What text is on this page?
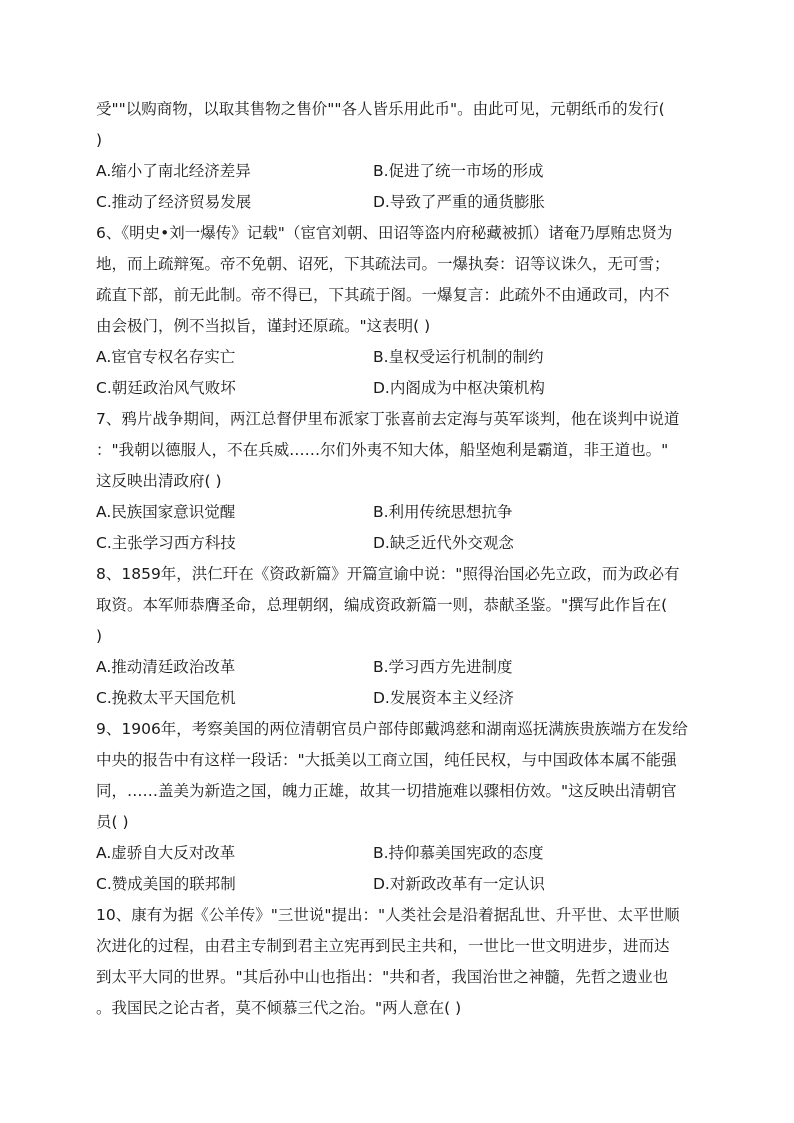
受""以购商物，以取其售物之售价""各人皆乐用此币"。由此可见，元朝纸币的发行(
)
A.缩小了南北经济差异	B.促进了统一市场的形成
C.推动了经济贸易发展	D.导致了严重的通货膨胀
6、《明史•刘一爆传》记载"（宦官刘朝、田诏等盗内府秘藏被抓）诸奄乃厚贿忠贤为
地，而上疏辩冤。帝不免朝、诏死，下其疏法司。一爆执奏：诏等议诛久，无可雪；
疏直下部，前无此制。帝不得已，下其疏于阁。一爆复言：此疏外不由通政司，内不
由会极门，例不当拟旨，谨封还原疏。"这表明( )
A.宦官专权名存实亡	B.皇权受运行机制的制约
C.朝廷政治风气败坏	D.内阁成为中枢决策机构
7、鸦片战争期间，两江总督伊里布派家丁张喜前去定海与英军谈判，他在谈判中说道
："我朝以德服人，不在兵威……尔们外夷不知大体，船坚炮利是霸道，非王道也。"
这反映出清政府( )
A.民族国家意识觉醒	B.利用传统思想抗争
C.主张学习西方科技	D.缺乏近代外交观念
8、1859年，洪仁玕在《资政新篇》开篇宣谕中说："照得治国必先立政，而为政必有
取资。本军师恭膺圣命，总理朝纲，编成资政新篇一则，恭献圣鉴。"撰写此作旨在(
)
A.推动清廷政治改革	B.学习西方先进制度
C.挽救太平天国危机	D.发展资本主义经济
9、1906年，考察美国的两位清朝官员户部侍郎戴鸿慈和湖南巡抚满族贵族端方在发给
中央的报告中有这样一段话："大抵美以工商立国，纯任民权，与中国政体本属不能强
同，……盖美为新造之国，魄力正雄，故其一切措施难以骤相仿效。"这反映出清朝官
员( )
A.虚骄自大反对改革	B.持仰慕美国宪政的态度
C.赞成美国的联邦制	D.对新政改革有一定认识
10、康有为据《公羊传》"三世说"提出："人类社会是沿着据乱世、升平世、太平世顺
次进化的过程，由君主专制到君主立宪再到民主共和，一世比一世文明进步，进而达
到太平大同的世界。"其后孙中山也指出："共和者，我国治世之神髓，先哲之遗业也
。我国民之论古者，莫不倾慕三代之治。"两人意在( )
